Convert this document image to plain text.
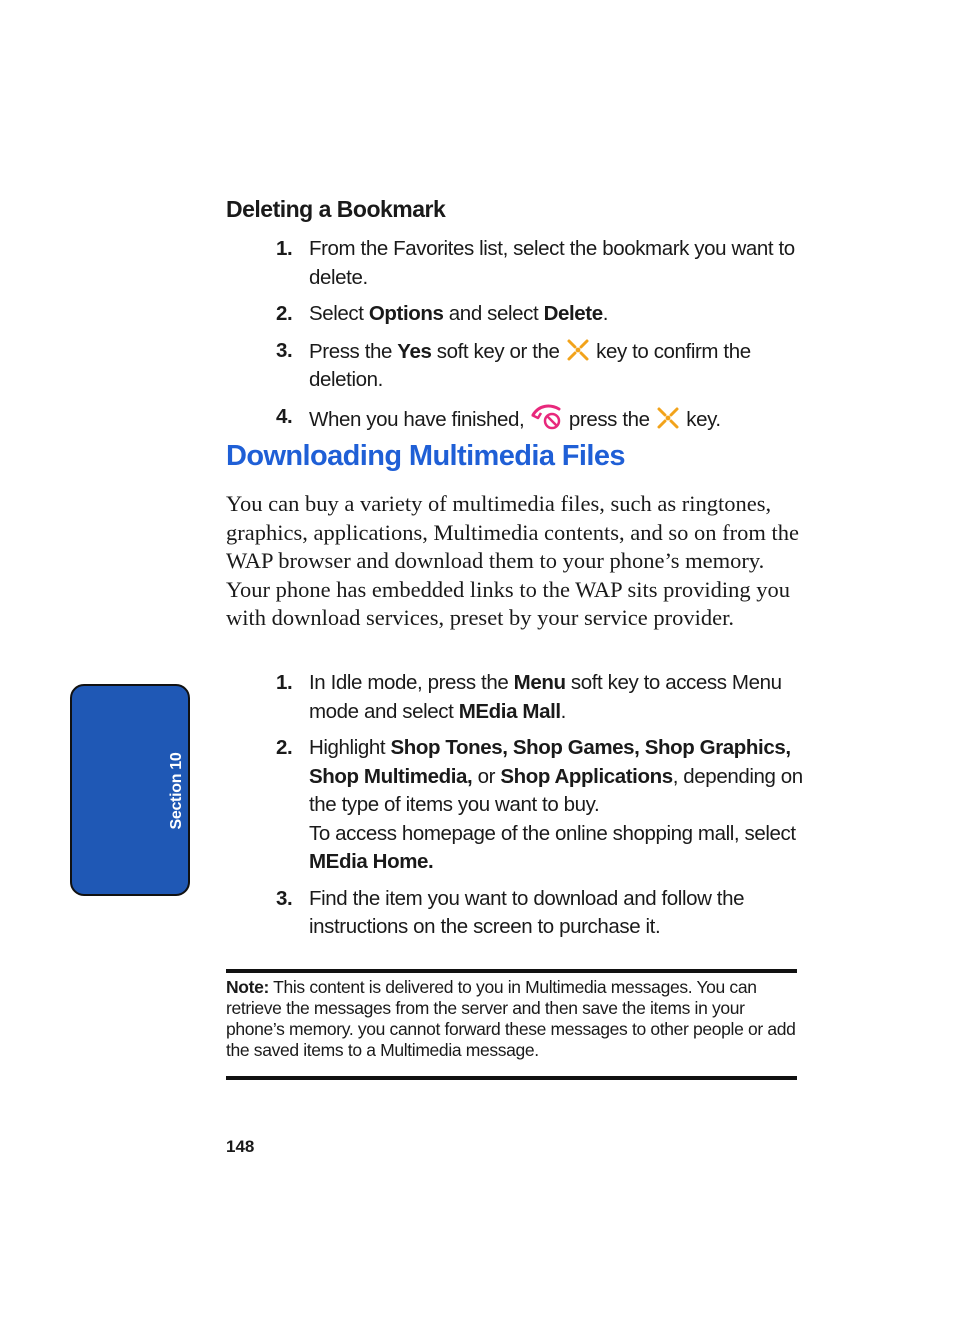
Deleting a Bookmark
1. From the Favorites list, select the bookmark you want to delete.
2. Select Options and select Delete.
3. Press the Yes soft key or the  key to confirm the deletion.
4. When you have finished,  press the  key.
Downloading Multimedia Files

You can buy a variety of multimedia files, such as ringtones, graphics, applications, Multimedia contents, and so on from the WAP browser and download them to your phone’s memory. Your phone has embedded links to the WAP sits providing you with download services, preset by your service provider.

1. In Idle mode, press the Menu soft key to access Menu mode and select MEdia Mall.
2. Highlight Shop Tones, Shop Games, Shop Graphics, Shop Multimedia, or Shop Applications, depending on the type of items you want to buy.
To access homepage of the online shopping mall, select MEdia Home.
3. Find the item you want to download and follow the instructions on the screen to purchase it.

Note: This content is delivered to you in Multimedia messages. You can retrieve the messages from the server and then save the items in your phone’s memory. you cannot forward these messages to other people or add the saved items to a Multimedia message.

Section 10
148
